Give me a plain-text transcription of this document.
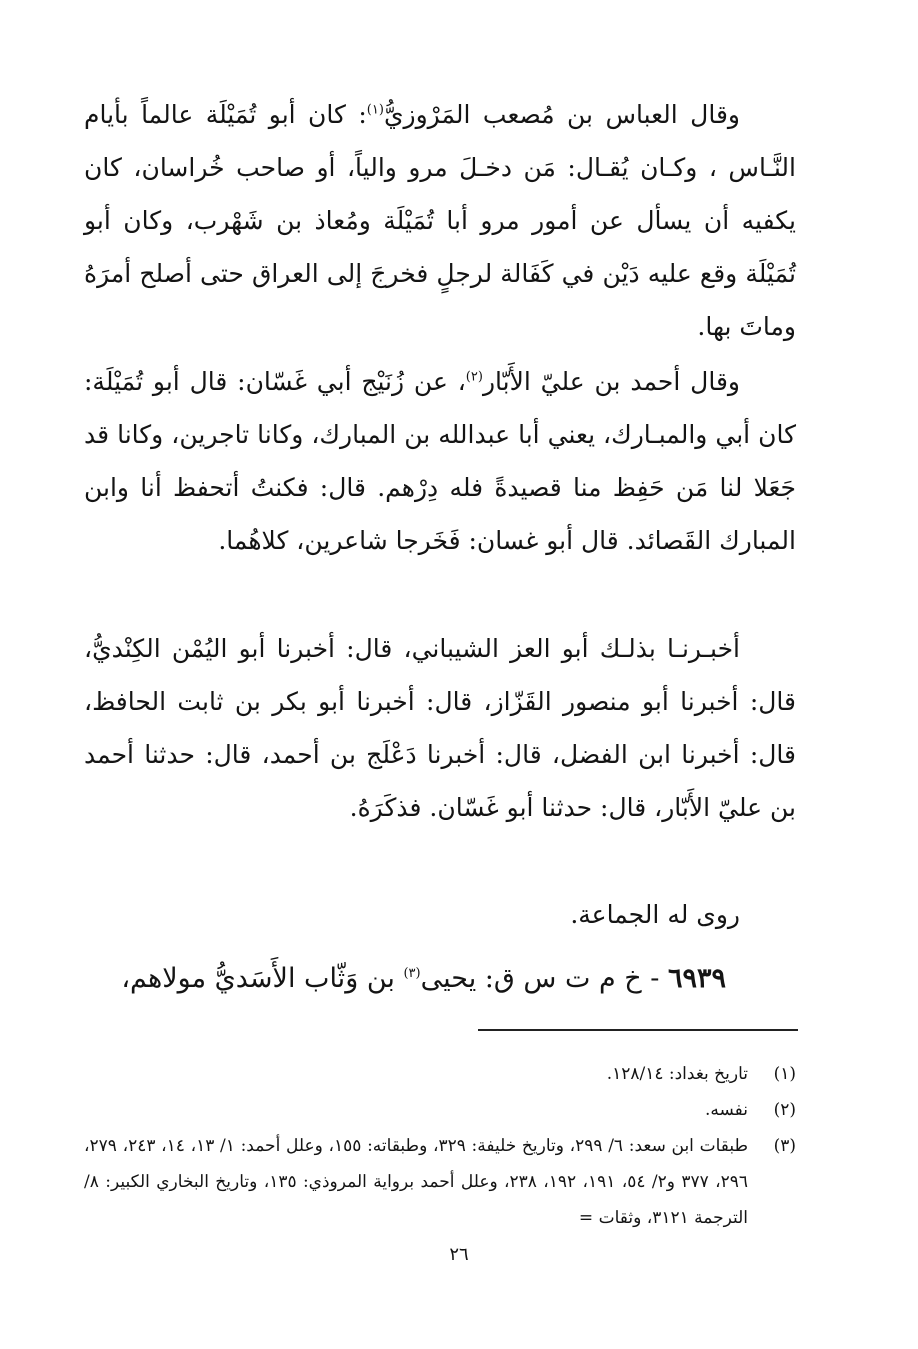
وقال العباس بن مُصعب المَرْوزيُّ$^{(١)}$: كان أبو تُمَيْلَة عالماً بأيام النَّـاس ، وكـان يُقـال: مَن دخـلَ مرو والياً، أو صاحب خُراسان، كان يكفيه أن يسأل عن أمور مرو أبا تُمَيْلَة ومُعاذ بن شَهْرب، وكان أبو تُمَيْلَة وقع عليه دَيْن في كَفَالة لرجلٍ فخرجَ إلى العراق حتى أصلح أمرَهُ وماتَ بها.

وقال أحمد بن عليّ الأَبّار$^{(٢)}$، عن زُنَيْج أبي غَسّان: قال أبو تُمَيْلَة: كان أبي والمبـارك، يعني أبا عبدالله بن المبارك، وكانا تاجرين، وكانا قد جَعَلا لنا مَن حَفِظ منا قصيدةً فله دِرْهم. قال: فكنتُ أتحفظ أنا وابن المبارك القَصائد. قال أبو غسان: فَخَرجا شاعرين، كلاهُما.

أخبـرنـا بذلـك أبو العز الشيباني، قال: أخبرنا أبو اليُمْن الكِنْديُّ، قال: أخبرنا أبو منصور القَزّاز، قال: أخبرنا أبو بكر بن ثابت الحافظ، قال: أخبرنا ابن الفضل، قال: أخبرنا دَعْلَج بن أحمد، قال: حدثنا أحمد بن عليّ الأَبّار، قال: حدثنا أبو غَسّان. فذكَرَهُ.

روى له الجماعة.

٦٩٣٩ - خ م ت س ق: يحيى$^{(٣)}$ بن وَثّاب الأَسَديُّ مولاهم،

(١)
تاريخ بغداد: ١٢٨/١٤.
(٢)
نفسه.
(٣)
طبقات ابن سعد: ٦/ ٢٩٩، وتاريخ خليفة: ٣٢٩، وطبقاته: ١٥٥، وعلل أحمد: ١/ ١٣، ١٤، ٢٤٣، ٢٧٩، ٢٩٦، ٣٧٧ و٢/ ٥٤، ١٩١، ١٩٢، ٢٣٨، وعلل أحمد برواية المروذي: ١٣٥، وتاريخ البخاري الكبير: ٨/ الترجمة ٣١٢١، وثقات =
٢٦
